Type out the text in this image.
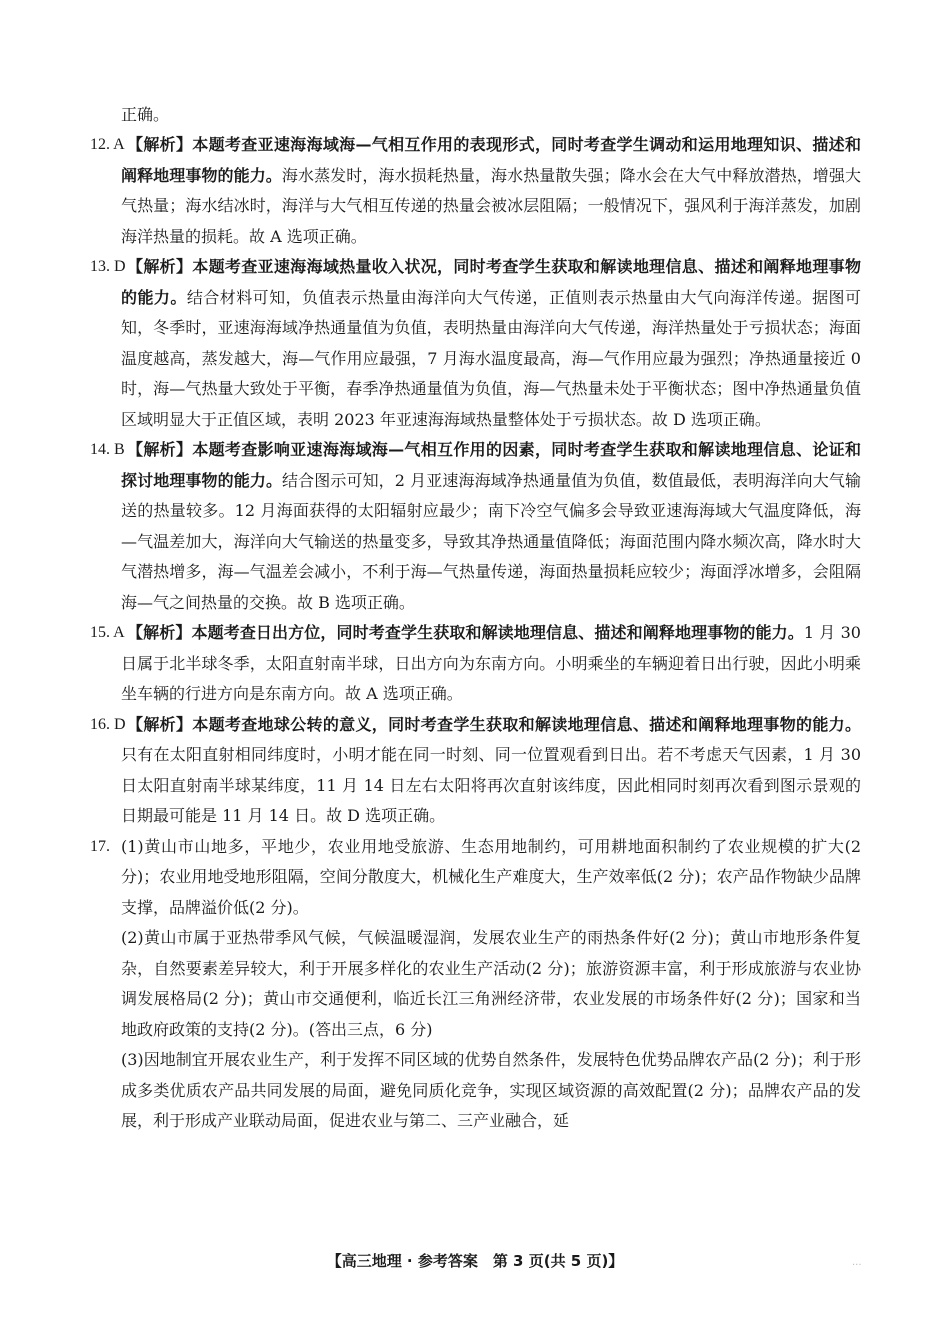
正确。
12. A 【解析】本题考查亚速海海域海—气相互作用的表现形式，同时考查学生调动和运用地理知识、描述和阐释地理事物的能力。海水蒸发时，海水损耗热量，海水热量散失强；降水会在大气中释放潜热，增强大气热量；海水结冰时，海洋与大气相互传递的热量会被冰层阻隔；一般情况下，强风利于海洋蒸发，加剧海洋热量的损耗。故 A 选项正确。
13. D 【解析】本题考查亚速海海域热量收入状况，同时考查学生获取和解读地理信息、描述和阐释地理事物的能力。结合材料可知，负值表示热量由海洋向大气传递，正值则表示热量由大气向海洋传递。据图可知，冬季时，亚速海海域净热通量值为负值，表明热量由海洋向大气传递，海洋热量处于亏损状态；海面温度越高，蒸发越大，海—气作用应最强，7 月海水温度最高，海—气作用应最为强烈；净热通量接近 0 时，海—气热量大致处于平衡，春季净热通量值为负值，海—气热量未处于平衡状态；图中净热通量负值区域明显大于正值区域，表明 2023 年亚速海海域热量整体处于亏损状态。故 D 选项正确。
14. B 【解析】本题考查影响亚速海海域海—气相互作用的因素，同时考查学生获取和解读地理信息、论证和探讨地理事物的能力。结合图示可知，2 月亚速海海域净热通量值为负值，数值最低，表明海洋向大气输送的热量较多。12 月海面获得的太阳辐射应最少；南下冷空气偏多会导致亚速海海域大气温度降低，海—气温差加大，海洋向大气输送的热量变多，导致其净热通量值降低；海面范围内降水频次高，降水时大气潜热增多，海—气温差会减小，不利于海—气热量传递，海面热量损耗应较少；海面浮冰增多，会阻隔海—气之间热量的交换。故 B 选项正确。
15. A 【解析】本题考查日出方位，同时考查学生获取和解读地理信息、描述和阐释地理事物的能力。1 月 30 日属于北半球冬季，太阳直射南半球，日出方向为东南方向。小明乘坐的车辆迎着日出行驶，因此小明乘坐车辆的行进方向是东南方向。故 A 选项正确。
16. D 【解析】本题考查地球公转的意义，同时考查学生获取和解读地理信息、描述和阐释地理事物的能力。只有在太阳直射相同纬度时，小明才能在同一时刻、同一位置观看到日出。若不考虑天气因素，1 月 30 日太阳直射南半球某纬度，11 月 14 日左右太阳将再次直射该纬度，因此相同时刻再次看到图示景观的日期最可能是 11 月 14 日。故 D 选项正确。
17. (1)黄山市山地多，平地少，农业用地受旅游、生态用地制约，可用耕地面积制约了农业规模的扩大(2 分)；农业用地受地形阻隔，空间分散度大，机械化生产难度大，生产效率低(2 分)；农产品作物缺少品牌支撑，品牌溢价低(2 分)。
(2)黄山市属于亚热带季风气候，气候温暖湿润，发展农业生产的雨热条件好(2 分)；黄山市地形条件复杂，自然要素差异较大，利于开展多样化的农业生产活动(2 分)；旅游资源丰富，利于形成旅游与农业协调发展格局(2 分)；黄山市交通便利，临近长江三角洲经济带，农业发展的市场条件好(2 分)；国家和当地政府政策的支持(2 分)。(答出三点，6 分)
(3)因地制宜开展农业生产，利于发挥不同区域的优势自然条件，发展特色优势品牌农产品(2 分)；利于形成多类优质农产品共同发展的局面，避免同质化竞争，实现区域资源的高效配置(2 分)；品牌农产品的发展，利于形成产业联动局面，促进农业与第二、三产业融合，延
【高三地理 · 参考答案　第 3 页(共 5 页)】	...
